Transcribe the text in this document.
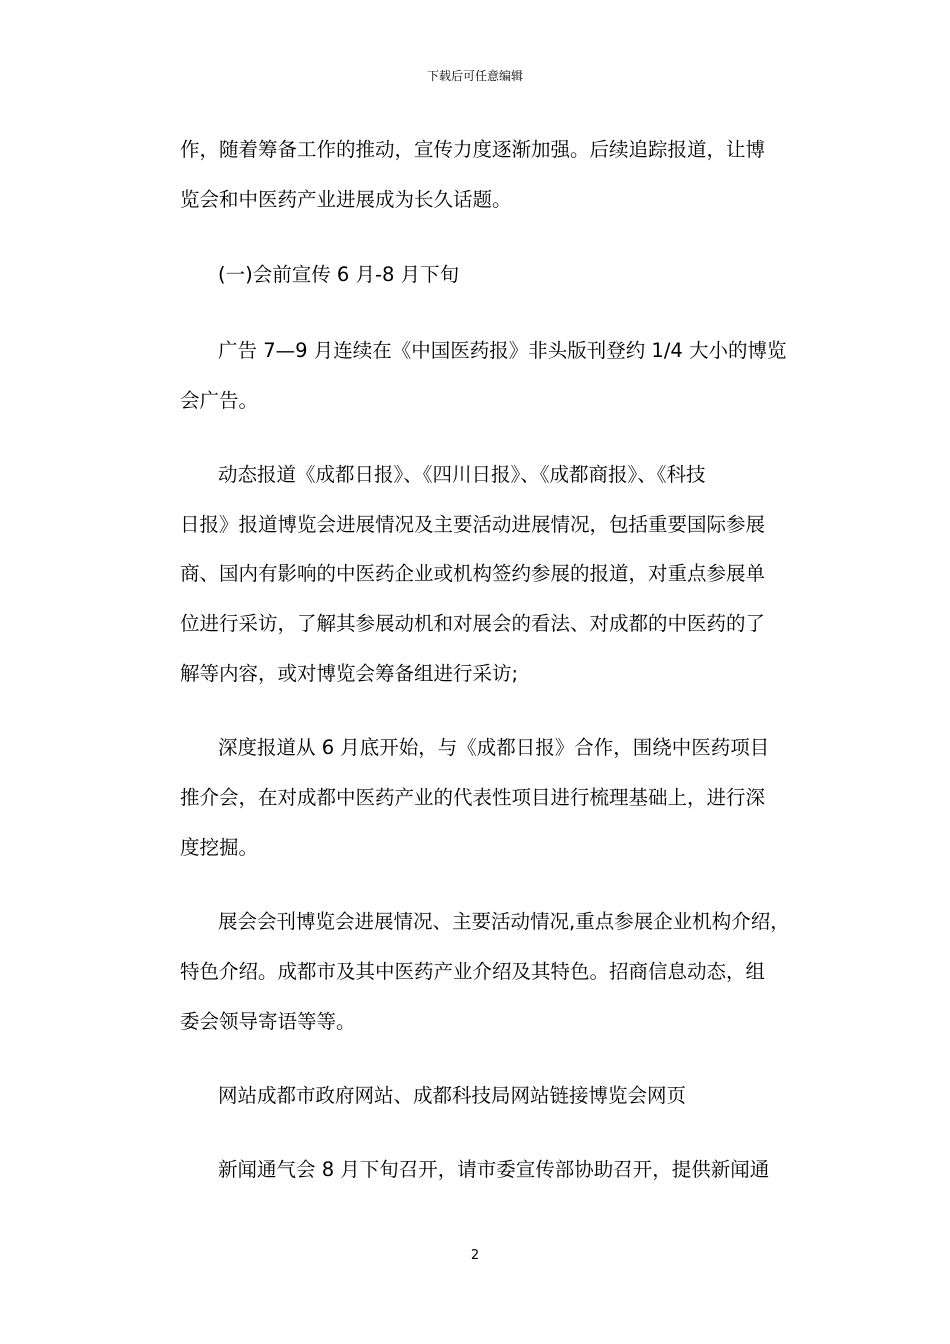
下载后可任意编辑
作，随着筹备工作的推动，宣传力度逐渐加强。后续追踪报道，让博
览会和中医药产业进展成为长久话题。
(一)会前宣传 6 月-8 月下旬
广告 7—9 月连续在《中国医药报》非头版刊登约 1/4 大小的博览
会广告。
动态报道《成都日报》、《四川日报》、《成都商报》、《科技
日报》报道博览会进展情况及主要活动进展情况，包括重要国际参展
商、国内有影响的中医药企业或机构签约参展的报道，对重点参展单
位进行采访，了解其参展动机和对展会的看法、对成都的中医药的了
解等内容，或对博览会筹备组进行采访;
深度报道从 6 月底开始，与《成都日报》合作，围绕中医药项目
推介会，在对成都中医药产业的代表性项目进行梳理基础上，进行深
度挖掘。
展会会刊博览会进展情况、主要活动情况,重点参展企业机构介绍，
特色介绍。成都市及其中医药产业介绍及其特色。招商信息动态，组
委会领导寄语等等。
网站成都市政府网站、成都科技局网站链接博览会网页
新闻通气会 8 月下旬召开，请市委宣传部协助召开，提供新闻通
2
